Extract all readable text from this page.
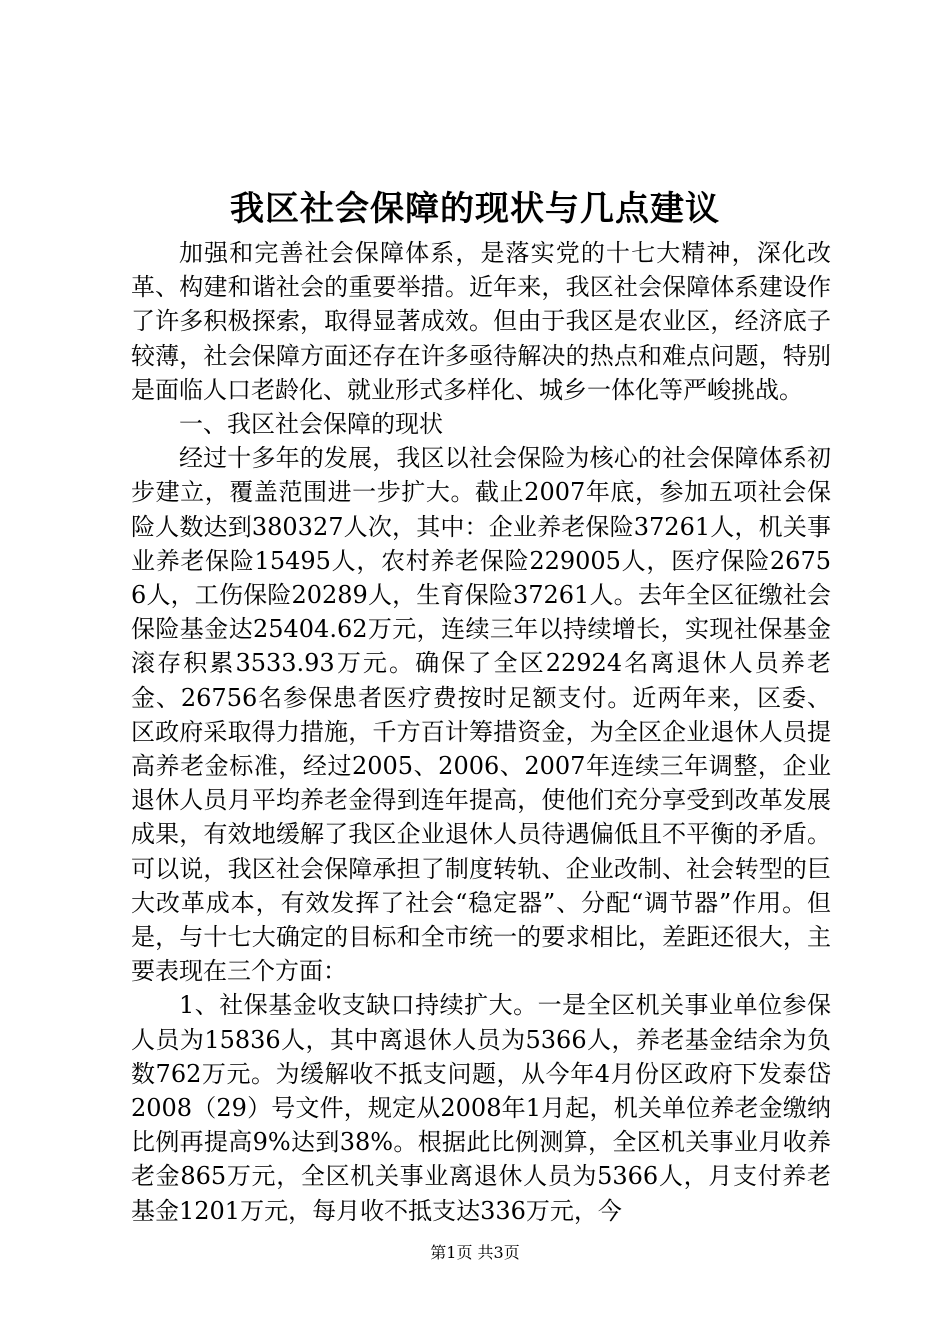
我区社会保障的现状与几点建议

加强和完善社会保障体系，是落实党的十七大精神，深化改革、构建和谐社会的重要举措。近年来，我区社会保障体系建设作了许多积极探索，取得显著成效。但由于我区是农业区，经济底子较薄，社会保障方面还存在许多亟待解决的热点和难点问题，特别是面临人口老龄化、就业形式多样化、城乡一体化等严峻挑战。

一、我区社会保障的现状

经过十多年的发展，我区以社会保险为核心的社会保障体系初步建立，覆盖范围进一步扩大。截止2007年底，参加五项社会保险人数达到380327人次，其中：企业养老保险37261人，机关事业养老保险15495人，农村养老保险229005人，医疗保险26756人，工伤保险20289人，生育保险37261人。去年全区征缴社会保险基金达25404.62万元，连续三年以持续增长，实现社保基金滚存积累3533.93万元。确保了全区22924名离退休人员养老金、26756名参保患者医疗费按时足额支付。近两年来，区委、区政府采取得力措施，千方百计筹措资金，为全区企业退休人员提高养老金标准，经过2005、2006、2007年连续三年调整，企业退休人员月平均养老金得到连年提高，使他们充分享受到改革发展成果，有效地缓解了我区企业退休人员待遇偏低且不平衡的矛盾。可以说，我区社会保障承担了制度转轨、企业改制、社会转型的巨大改革成本，有效发挥了社会“稳定器”、分配“调节器”作用。但是，与十七大确定的目标和全市统一的要求相比，差距还很大，主要表现在三个方面：

1、社保基金收支缺口持续扩大。一是全区机关事业单位参保人员为15836人，其中离退休人员为5366人，养老基金结余为负数762万元。为缓解收不抵支问题，从今年4月份区政府下发泰岱2008（29）号文件，规定从2008年1月起，机关单位养老金缴纳比例再提高9%达到38%。根据此比例测算，全区机关事业月收养老金865万元，全区机关事业离退休人员为5366人，月支付养老基金1201万元，每月收不抵支达336万元，今

第1页 共3页
